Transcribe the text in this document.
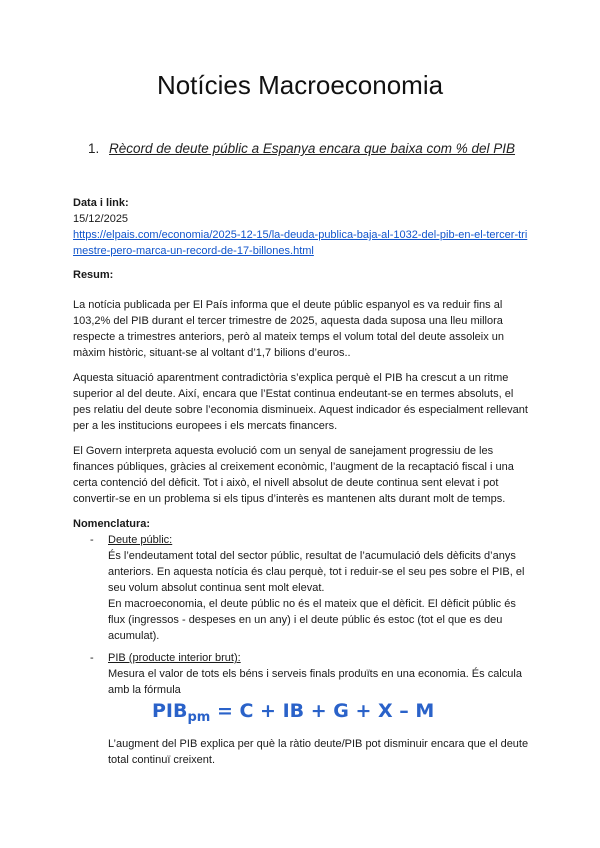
Notícies Macroeconomia
1. Rècord de deute públic a Espanya encara que baixa com % del PIB

Data i link:

15/12/2025

https://elpais.com/economia/2025-12-15/la-deuda-publica-baja-al-1032-del-pib-en-el-tercer-trimestre-pero-marca-un-record-de-17-billones.html

Resum:

La notícia publicada per El País informa que el deute públic espanyol es va reduir fins al 103,2% del PIB durant el tercer trimestre de 2025, aquesta dada suposa una lleu millora respecte a trimestres anteriors, però al mateix temps el volum total del deute assoleix un màxim històric, situant-se al voltant d’1,7 bilions d’euros..

Aquesta situació aparentment contradictòria s’explica perquè el PIB ha crescut a un ritme superior al del deute. Així, encara que l’Estat continua endeutant-se en termes absoluts, el pes relatiu del deute sobre l’economia disminueix. Aquest indicador és especialment rellevant per a les institucions europees i els mercats financers.

El Govern interpreta aquesta evolució com un senyal de sanejament progressiu de les finances públiques, gràcies al creixement econòmic, l’augment de la recaptació fiscal i una certa contenció del dèficit. Tot i això, el nivell absolut de deute continua sent elevat i pot convertir-se en un problema si els tipus d’interès es mantenen alts durant molt de temps.

Nomenclatura:

-	Deute públic:
És l’endeutament total del sector públic, resultat de l’acumulació dels dèficits d’anys anteriors. En aquesta notícia és clau perquè, tot i reduir-se el seu pes sobre el PIB, el seu volum absolut continua sent molt elevat.
En macroeconomia, el deute públic no és el mateix que el dèficit. El dèficit públic és flux (ingressos - despeses en un any) i el deute públic és estoc (tot el que es deu acumulat).
-	PIB (producte interior brut):
Mesura el valor de tots els béns i serveis finals produïts en una economia. És calcula amb la fórmula
$PIB_{pm} = C$ + IB + G + X – M
L’augment del PIB explica per què la ràtio deute/PIB pot disminuir encara que el deute total continuï creixent.
